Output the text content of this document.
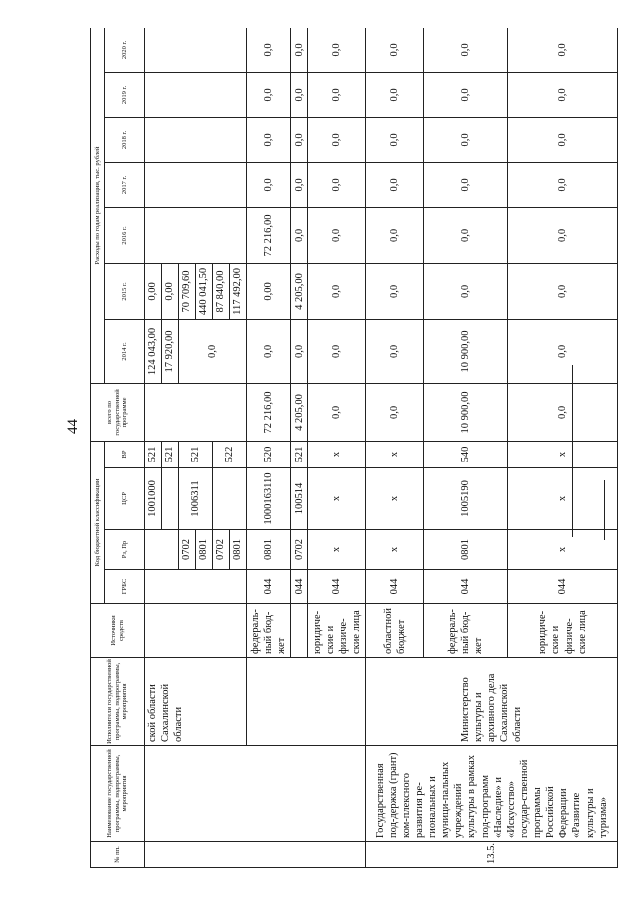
44
№ пп.	Наименование государственной программы, подпрограммы, мероприятия	Исполнители государственной программы, подпрограммы, мероприятия	Источники средств	Код бюджетной классификации				всего по государственной программе	Расходы по годам реализации, тыс. рублей						
				ГРБС	Рз, Пр	ЦСР	ВР		2014 г.	2015 г.	2016 г.	2017 г.	2018 г.	2019 г.	2020 г.
		ской области Сахалинской области				1001000	521		124 043,00	0,00					
							521		17 920,00	0,00					
					0702	1006311	521		0,0	70 709,60					
					0801					440 041,50					
					0702		522			87 840,00					
					0801					117 492,00					
			федераль-ный бюд-жет	044	0801	1000163110	520	72 216,00	0,0	0,00	72 216,00	0,0	0,0	0,0	0,0
				044	0702	100514	521	4 205,00	0,0	4 205,00	0,0	0,0	0,0	0,0	0,0
			юридиче-ские и физиче-ские лица	044	x	x	x	0,0	0,0	0,0	0,0	0,0	0,0	0,0	0,0
13.5.	Государственная под-держка (грант) ком-плексного развития ре-гиональных и муници-пальных учреждений культуры в рамках под-программ «Наследие» и «Искусство» государ-ственной программы Российской Федерации «Развитие культуры и туризма»	Министерство культуры и архивного дела Сахалинской области	областной бюджет	044	x	x	x	0,0	0,0	0,0	0,0	0,0	0,0	0,0	0,0
			федераль-ный бюд-жет	044	0801	1005190	540	10 900,00	10 900,00	0,0	0,0	0,0	0,0	0,0	0,0
			юридиче-ские и физиче-ские лица	044	x	x	x	0,0	0,0	0,0	0,0	0,0	0,0	0,0	0,0
